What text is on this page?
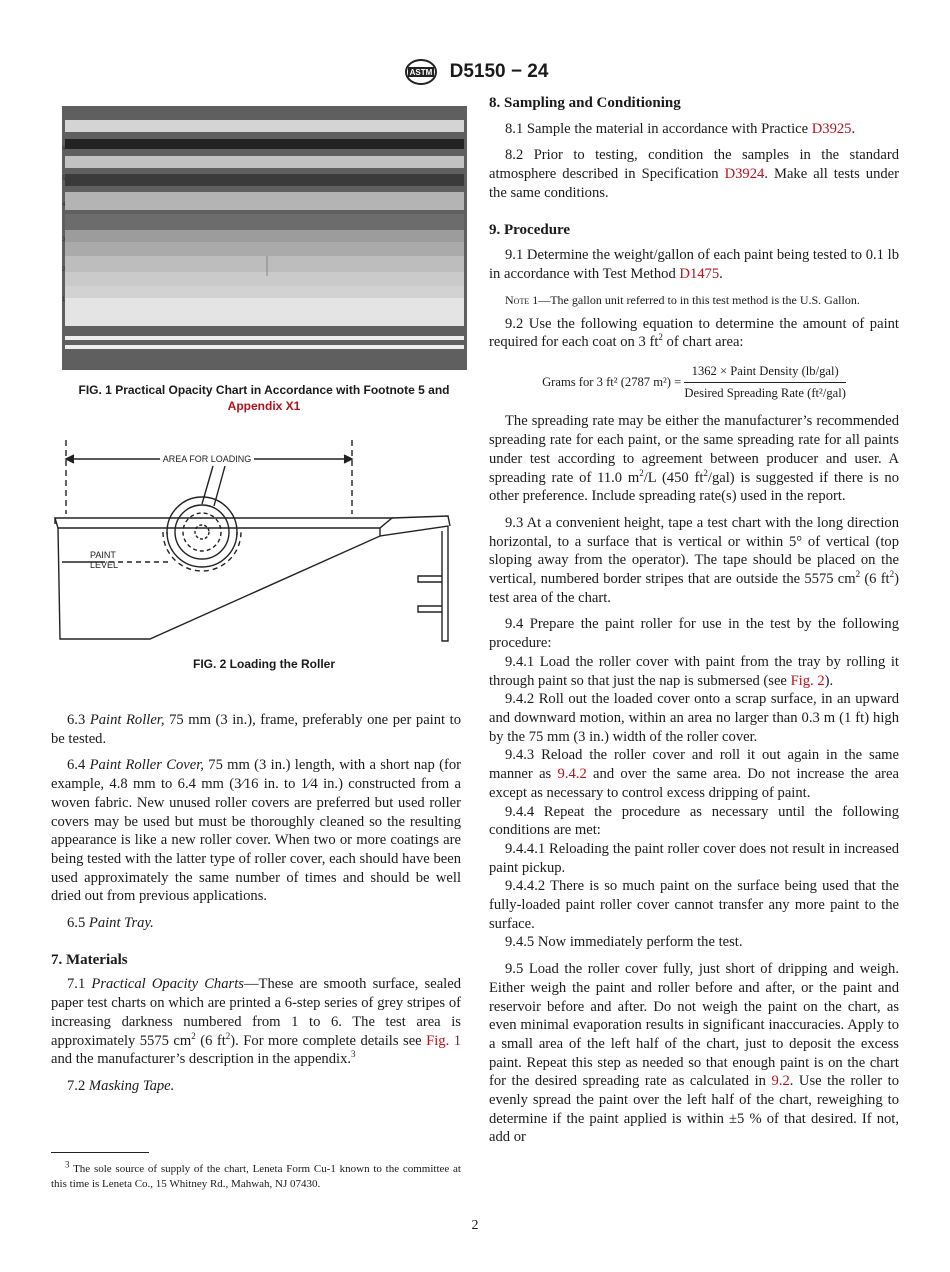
ASTM D5150 − 24
6
5
4
3
2
1
FIG. 1 Practical Opacity Chart in Accordance with Footnote 5 and
Appendix X1
AREA FOR LOADING
PAINT
LEVEL
FIG. 2 Loading the Roller

6.3 Paint Roller, 75 mm (3 in.), frame, preferably one per paint to be tested.

6.4 Paint Roller Cover, 75 mm (3 in.) length, with a short nap (for example, 4.8 mm to 6.4 mm (3⁄16 in. to 1⁄4 in.) constructed from a woven fabric. New unused roller covers are preferred but used roller covers may be used but must be thoroughly cleaned so the resulting appearance is like a new roller cover. When two or more coatings are being tested with the latter type of roller cover, each should have been used approximately the same number of times and should be well dried out from previous applications.

6.5 Paint Tray.

7. Materials

7.1 Practical Opacity Charts—These are smooth surface, sealed paper test charts on which are printed a 6-step series of grey stripes of increasing darkness numbered from 1 to 6. The test area is approximately 5575 $cm^2$ (6 $ft^2$). For more complete details see Fig. 1 and the manufacturer’s description in the appendix.$^3$

7.2 Masking Tape.

$^3$ The sole source of supply of the chart, Leneta Form Cu-1 known to the committee at this time is Leneta Co., 15 Whitney Rd., Mahwah, NJ 07430.

8. Sampling and Conditioning

8.1 Sample the material in accordance with Practice D3925.

8.2 Prior to testing, condition the samples in the standard atmosphere described in Specification D3924. Make all tests under the same conditions.

9. Procedure

9.1 Determine the weight/gallon of each paint being tested to 0.1 lb in accordance with Test Method D1475.

Note 1—The gallon unit referred to in this test method is the U.S. Gallon.

9.2 Use the following equation to determine the amount of paint required for each coat on 3 $ft^2$ of chart area:

Grams for 3 ft² (2787 $m^2) = \frac{\text{1362 × Paint Density (lb/gal)}}{\text{Desired Spreading Rate (ft²/gal)}}$

The spreading rate may be either the manufacturer’s recommended spreading rate for each paint, or the same spreading rate for all paints under test according to agreement between producer and user. A spreading rate of 11.0 $m^2/L$ (450 $ft^2/gal$) is suggested if there is no other preference. Include spreading rate(s) used in the report.

9.3 At a convenient height, tape a test chart with the long direction horizontal, to a surface that is vertical or within 5° of vertical (top sloping away from the operator). The tape should be placed on the vertical, numbered border stripes that are outside the 5575 $cm^2$ (6 $ft^2$) test area of the chart.

9.4 Prepare the paint roller for use in the test by the following procedure:

9.4.1 Load the roller cover with paint from the tray by rolling it through paint so that just the nap is submersed (see Fig. 2).

9.4.2 Roll out the loaded cover onto a scrap surface, in an upward and downward motion, within an area no larger than 0.3 m (1 ft) high by the 75 mm (3 in.) width of the roller cover.

9.4.3 Reload the roller cover and roll it out again in the same manner as 9.4.2 and over the same area. Do not increase the area except as necessary to control excess dripping of paint.

9.4.4 Repeat the procedure as necessary until the following conditions are met:

9.4.4.1 Reloading the paint roller cover does not result in increased paint pickup.

9.4.4.2 There is so much paint on the surface being used that the fully-loaded paint roller cover cannot transfer any more paint to the surface.

9.4.5 Now immediately perform the test.

9.5 Load the roller cover fully, just short of dripping and weigh. Either weigh the paint and roller before and after, or the paint and reservoir before and after. Do not weigh the paint on the chart, as even minimal evaporation results in significant inaccuracies. Apply to a small area of the left half of the chart, just to deposit the excess paint. Repeat this step as needed so that enough paint is on the chart for the desired spreading rate as calculated in 9.2. Use the roller to evenly spread the paint over the left half of the chart, reweighing to determine if the paint applied is within ±5 % of that desired. If not, add or

2
